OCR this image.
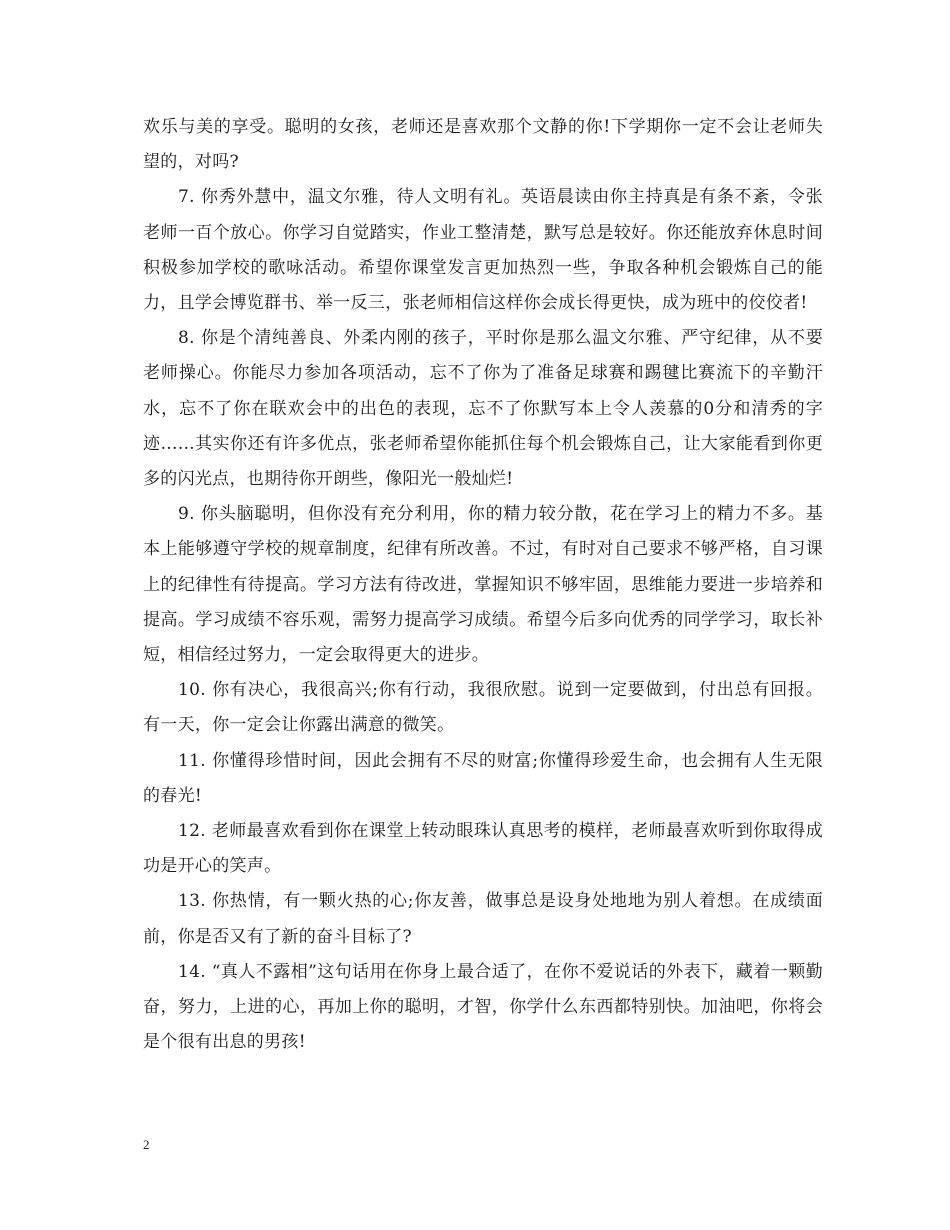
欢乐与美的享受。聪明的女孩，老师还是喜欢那个文静的你!下学期你一定不会让老师失望的，对吗?

7. 你秀外慧中，温文尔雅，待人文明有礼。英语晨读由你主持真是有条不紊，令张老师一百个放心。你学习自觉踏实，作业工整清楚，默写总是较好。你还能放弃休息时间积极参加学校的歌咏活动。希望你课堂发言更加热烈一些，争取各种机会锻炼自己的能力，且学会博览群书、举一反三，张老师相信这样你会成长得更快，成为班中的佼佼者!

8. 你是个清纯善良、外柔内刚的孩子，平时你是那么温文尔雅、严守纪律，从不要老师操心。你能尽力参加各项活动，忘不了你为了准备足球赛和踢毽比赛流下的辛勤汗水，忘不了你在联欢会中的出色的表现，忘不了你默写本上令人羡慕的0分和清秀的字迹……其实你还有许多优点，张老师希望你能抓住每个机会锻炼自己，让大家能看到你更多的闪光点，也期待你开朗些，像阳光一般灿烂!

9. 你头脑聪明，但你没有充分利用，你的精力较分散，花在学习上的精力不多。基本上能够遵守学校的规章制度，纪律有所改善。不过，有时对自己要求不够严格，自习课上的纪律性有待提高。学习方法有待改进，掌握知识不够牢固，思维能力要进一步培养和提高。学习成绩不容乐观，需努力提高学习成绩。希望今后多向优秀的同学学习，取长补短，相信经过努力，一定会取得更大的进步。

10. 你有决心，我很高兴;你有行动，我很欣慰。说到一定要做到，付出总有回报。有一天，你一定会让你露出满意的微笑。

11. 你懂得珍惜时间，因此会拥有不尽的财富;你懂得珍爱生命，也会拥有人生无限的春光!

12. 老师最喜欢看到你在课堂上转动眼珠认真思考的模样，老师最喜欢听到你取得成功是开心的笑声。

13. 你热情，有一颗火热的心;你友善，做事总是设身处地地为别人着想。在成绩面前，你是否又有了新的奋斗目标了?

14. “真人不露相”这句话用在你身上最合适了，在你不爱说话的外表下，藏着一颗勤奋，努力，上进的心，再加上你的聪明，才智，你学什么东西都特别快。加油吧，你将会是个很有出息的男孩!

2
